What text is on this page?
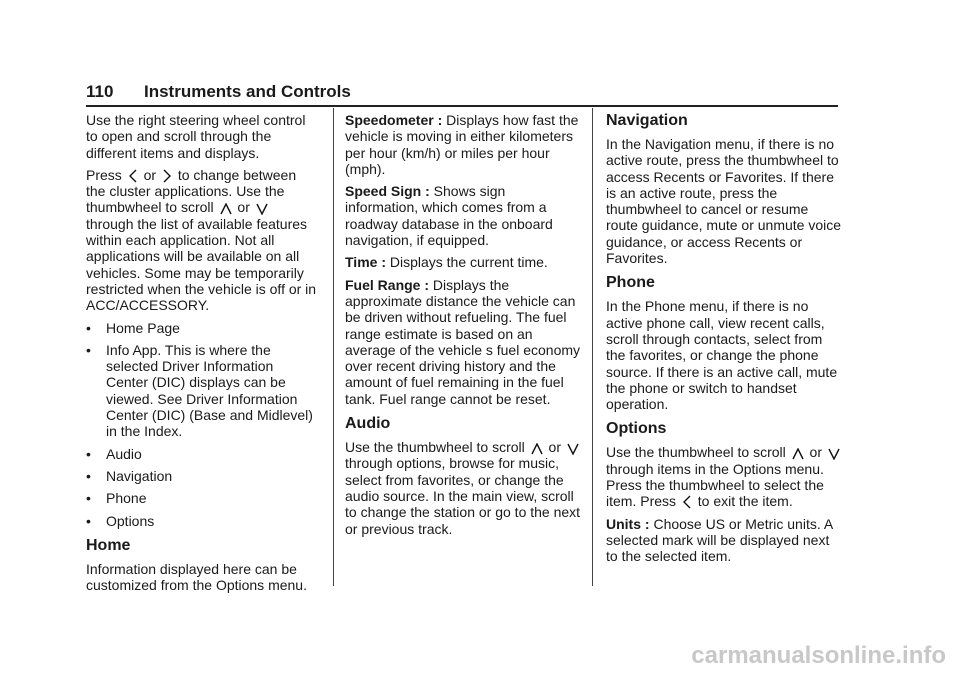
110 Instruments and Controls

Use the right steering wheel control to open and scroll through the different items and displays.

Press or to change between the cluster applications. Use the thumbwheel to scroll or
through the list of available features within each application. Not all applications will be available on all vehicles. Some may be temporarily restricted when the vehicle is off or in ACC/ACCESSORY.

• Home Page
• Info App. This is where the selected Driver Information Center (DIC) displays can be viewed. See Driver Information Center (DIC) (Base and Midlevel) in the Index.
• Audio
• Navigation
• Phone
• Options
Home

Information displayed here can be customized from the Options menu.

Speedometer : Displays how fast the vehicle is moving in either kilometers per hour (km/h) or miles per hour (mph).

Speed Sign : Shows sign information, which comes from a roadway database in the onboard navigation, if equipped.

Time : Displays the current time.

Fuel Range : Displays the approximate distance the vehicle can be driven without refueling. The fuel range estimate is based on an average of the vehicle s fuel economy over recent driving history and the amount of fuel remaining in the fuel tank. Fuel range cannot be reset.

Audio

Use the thumbwheel to scroll or
through options, browse for music, select from favorites, or change the audio source. In the main view, scroll to change the station or go to the next or previous track.

Navigation

In the Navigation menu, if there is no active route, press the thumbwheel to access Recents or Favorites. If there is an active route, press the thumbwheel to cancel or resume route guidance, mute or unmute voice guidance, or access Recents or Favorites.

Phone

In the Phone menu, if there is no active phone call, view recent calls, scroll through contacts, select from the favorites, or change the phone source. If there is an active call, mute the phone or switch to handset operation.

Options

Use the thumbwheel to scroll or
through items in the Options menu. Press the thumbwheel to select the item. Press to exit the item.

Units : Choose US or Metric units. A selected mark will be displayed next to the selected item.

carmanualsonline.info
